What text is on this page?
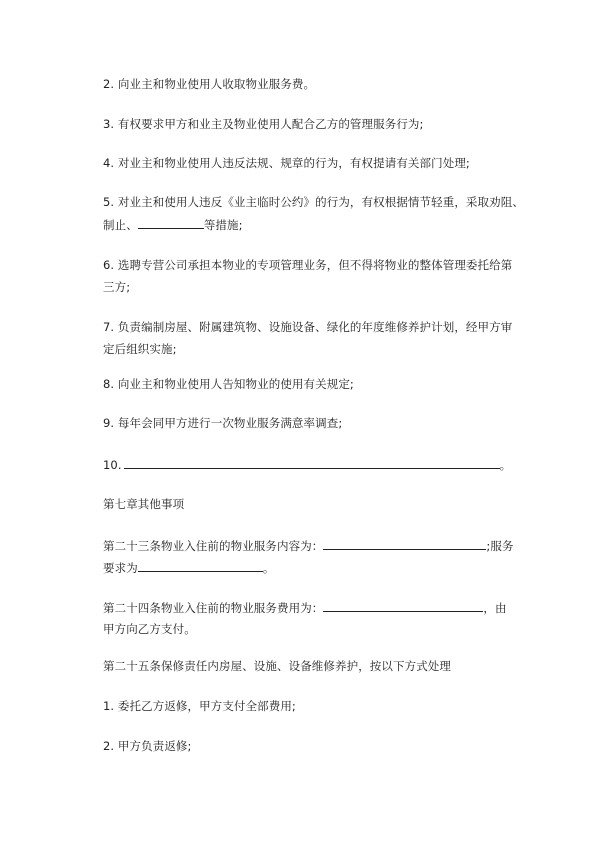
2. 向业主和物业使用人收取物业服务费。
3. 有权要求甲方和业主及物业使用人配合乙方的管理服务行为;
4. 对业主和物业使用人违反法规、规章的行为，有权提请有关部门处理;
5. 对业主和使用人违反《业主临时公约》的行为，有权根据情节轻重，采取劝阻、
制止、	等措施;
6. 选聘专营公司承担本物业的专项管理业务，但不得将物业的整体管理委托给第
三方;
7. 负责编制房屋、附属建筑物、设施设备、绿化的年度维修养护计划，经甲方审
定后组织实施;
8. 向业主和物业使用人告知物业的使用有关规定;
9. 每年会同甲方进行一次物业服务满意率调查;
10.	。
第七章其他事项
第二十三条物业入住前的物业服务内容为：	;服务
要求为	。
第二十四条物业入住前的物业服务费用为：	，由
甲方向乙方支付。
第二十五条保修责任内房屋、设施、设备维修养护，按以下方式处理
1. 委托乙方返修，甲方支付全部费用;
2. 甲方负责返修;
